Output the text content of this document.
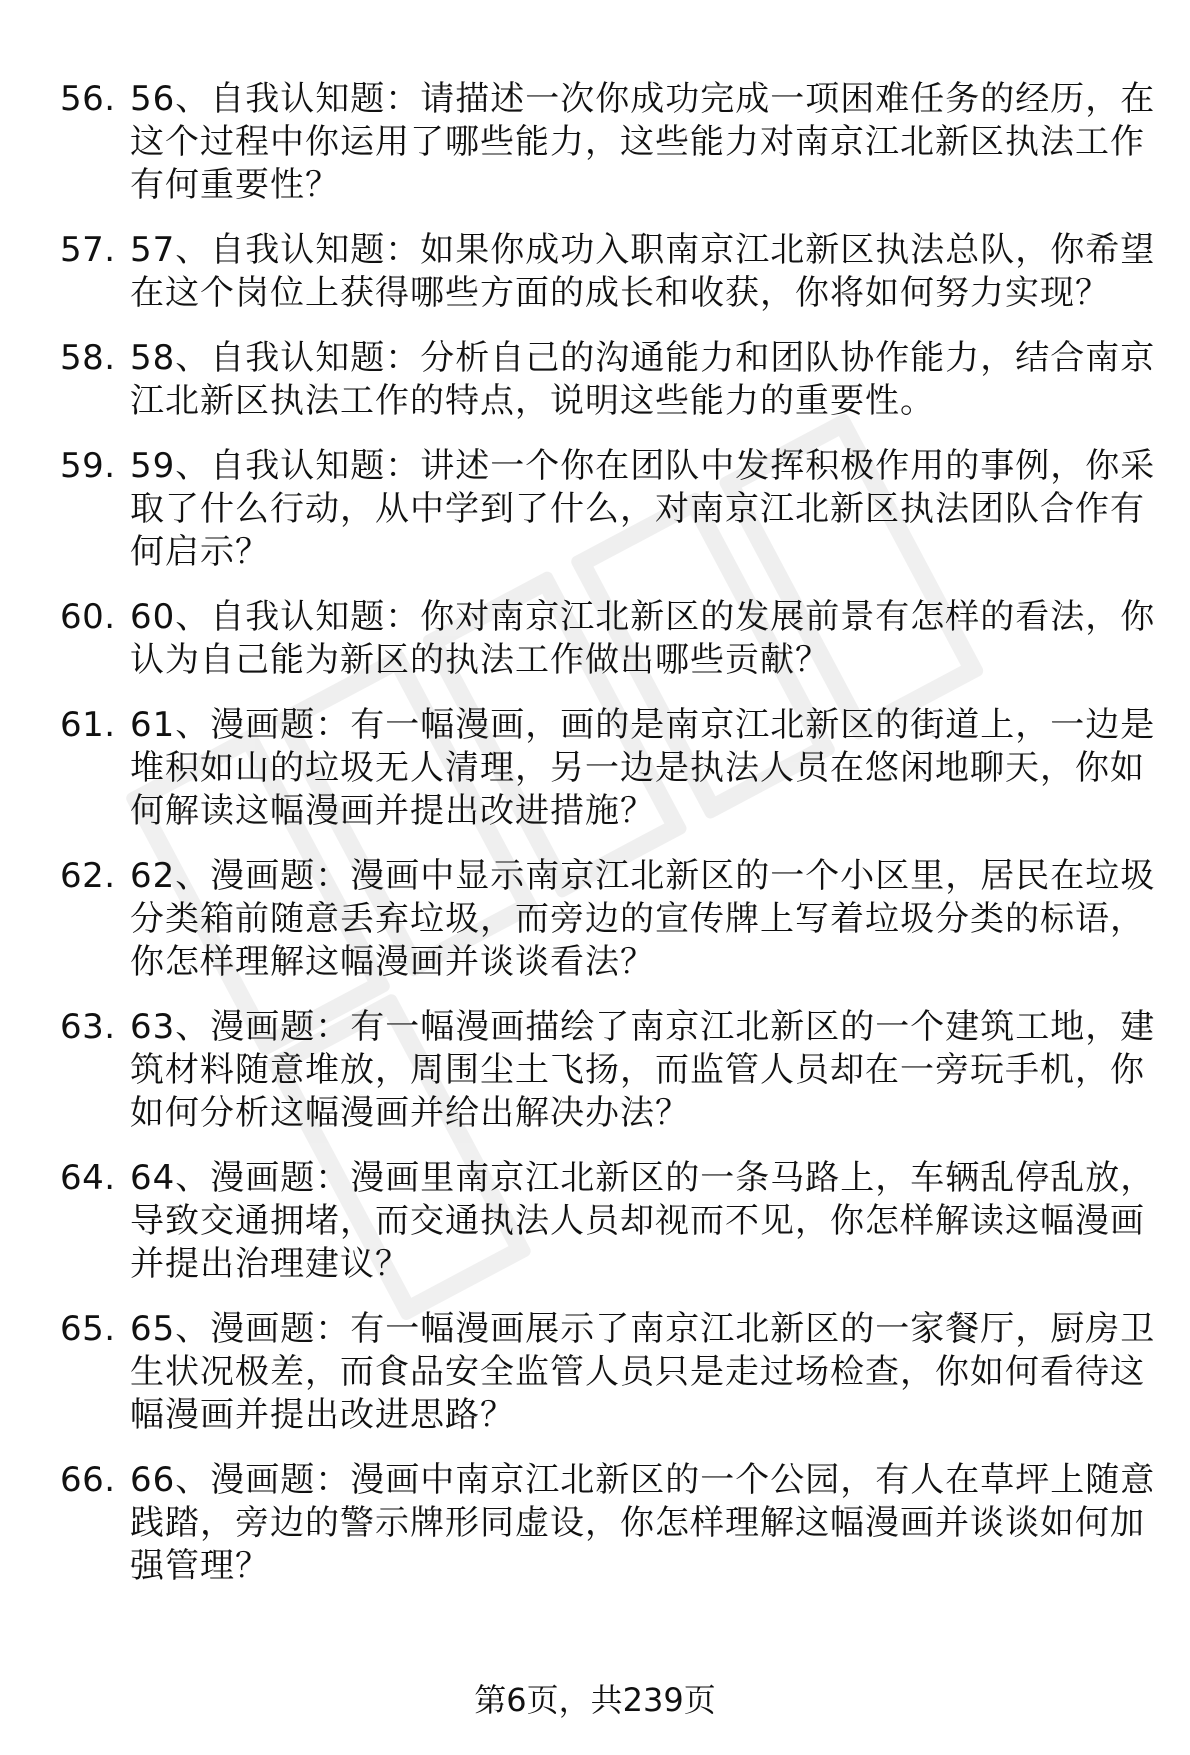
56. 56、自我认知题：请描述一次你成功完成一项困难任务的经历，在这个过程中你运用了哪些能力，这些能力对南京江北新区执法工作有何重要性？
57. 57、自我认知题：如果你成功入职南京江北新区执法总队，你希望在这个岗位上获得哪些方面的成长和收获，你将如何努力实现？
58. 58、自我认知题：分析自己的沟通能力和团队协作能力，结合南京江北新区执法工作的特点，说明这些能力的重要性。
59. 59、自我认知题：讲述一个你在团队中发挥积极作用的事例，你采取了什么行动，从中学到了什么，对南京江北新区执法团队合作有何启示？
60. 60、自我认知题：你对南京江北新区的发展前景有怎样的看法，你认为自己能为新区的执法工作做出哪些贡献？
61. 61、漫画题：有一幅漫画，画的是南京江北新区的街道上，一边是堆积如山的垃圾无人清理，另一边是执法人员在悠闲地聊天，你如何解读这幅漫画并提出改进措施？
62. 62、漫画题：漫画中显示南京江北新区的一个小区里，居民在垃圾分类箱前随意丢弃垃圾，而旁边的宣传牌上写着垃圾分类的标语，你怎样理解这幅漫画并谈谈看法？
63. 63、漫画题：有一幅漫画描绘了南京江北新区的一个建筑工地，建筑材料随意堆放，周围尘土飞扬，而监管人员却在一旁玩手机，你如何分析这幅漫画并给出解决办法？
64. 64、漫画题：漫画里南京江北新区的一条马路上，车辆乱停乱放，导致交通拥堵，而交通执法人员却视而不见，你怎样解读这幅漫画并提出治理建议？
65. 65、漫画题：有一幅漫画展示了南京江北新区的一家餐厅，厨房卫生状况极差，而食品安全监管人员只是走过场检查，你如何看待这幅漫画并提出改进思路？
66. 66、漫画题：漫画中南京江北新区的一个公园，有人在草坪上随意践踏，旁边的警示牌形同虚设，你怎样理解这幅漫画并谈谈如何加强管理？
第6页，共239页
